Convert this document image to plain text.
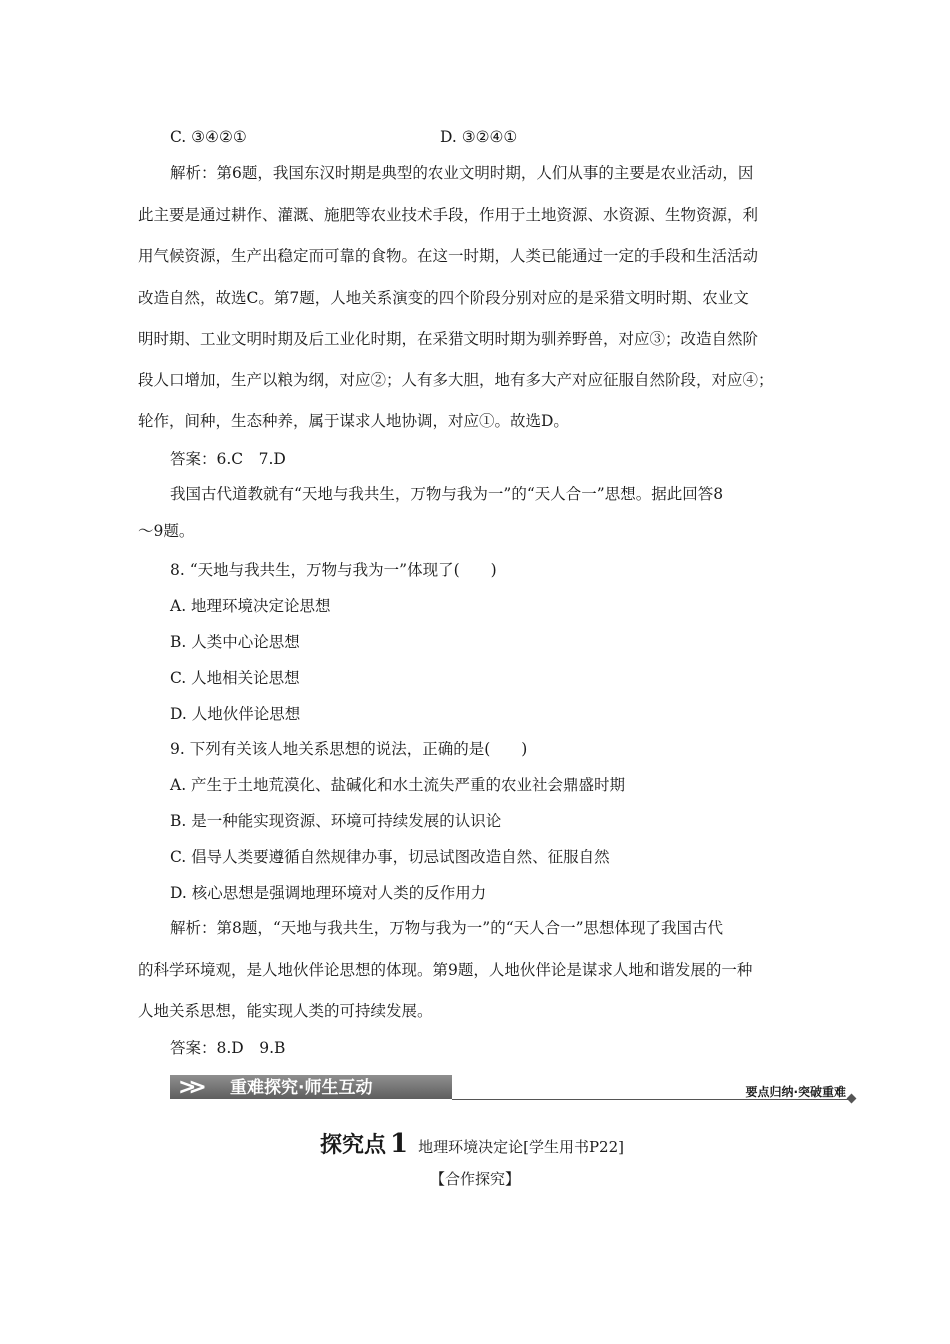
C. ③④②①	D. ③②④①
解析：第6题，我国东汉时期是典型的农业文明时期，人们从事的主要是农业活动，因
此主要是通过耕作、灌溉、施肥等农业技术手段，作用于土地资源、水资源、生物资源，利
用气候资源，生产出稳定而可靠的食物。在这一时期，人类已能通过一定的手段和生活活动
改造自然，故选C。第7题，人地关系演变的四个阶段分别对应的是采猎文明时期、农业文
明时期、工业文明时期及后工业化时期，在采猎文明时期为驯养野兽，对应③；改造自然阶
段人口增加，生产以粮为纲，对应②；人有多大胆，地有多大产对应征服自然阶段，对应④；
轮作，间种，生态种养，属于谋求人地协调，对应①。故选D。
答案：6.C　7.D
我国古代道教就有“天地与我共生，万物与我为一”的“天人合一”思想。据此回答8
～9题。
8. “天地与我共生，万物与我为一”体现了(　　)
A. 地理环境决定论思想
B. 人类中心论思想
C. 人地相关论思想
D. 人地伙伴论思想
9. 下列有关该人地关系思想的说法，正确的是(　　)
A. 产生于土地荒漠化、盐碱化和水土流失严重的农业社会鼎盛时期
B. 是一种能实现资源、环境可持续发展的认识论
C. 倡导人类要遵循自然规律办事，切忌试图改造自然、征服自然
D. 核心思想是强调地理环境对人类的反作用力
解析：第8题，“天地与我共生，万物与我为一”的“天人合一”思想体现了我国古代
的科学环境观，是人地伙伴论思想的体现。第9题，人地伙伴论是谋求人地和谐发展的一种
人地关系思想，能实现人类的可持续发展。
答案：8.D　9.B
>> 重难探究·师生互动	要点归纳·突破重难
探究点 1 地理环境决定论[学生用书P22]
【合作探究】
